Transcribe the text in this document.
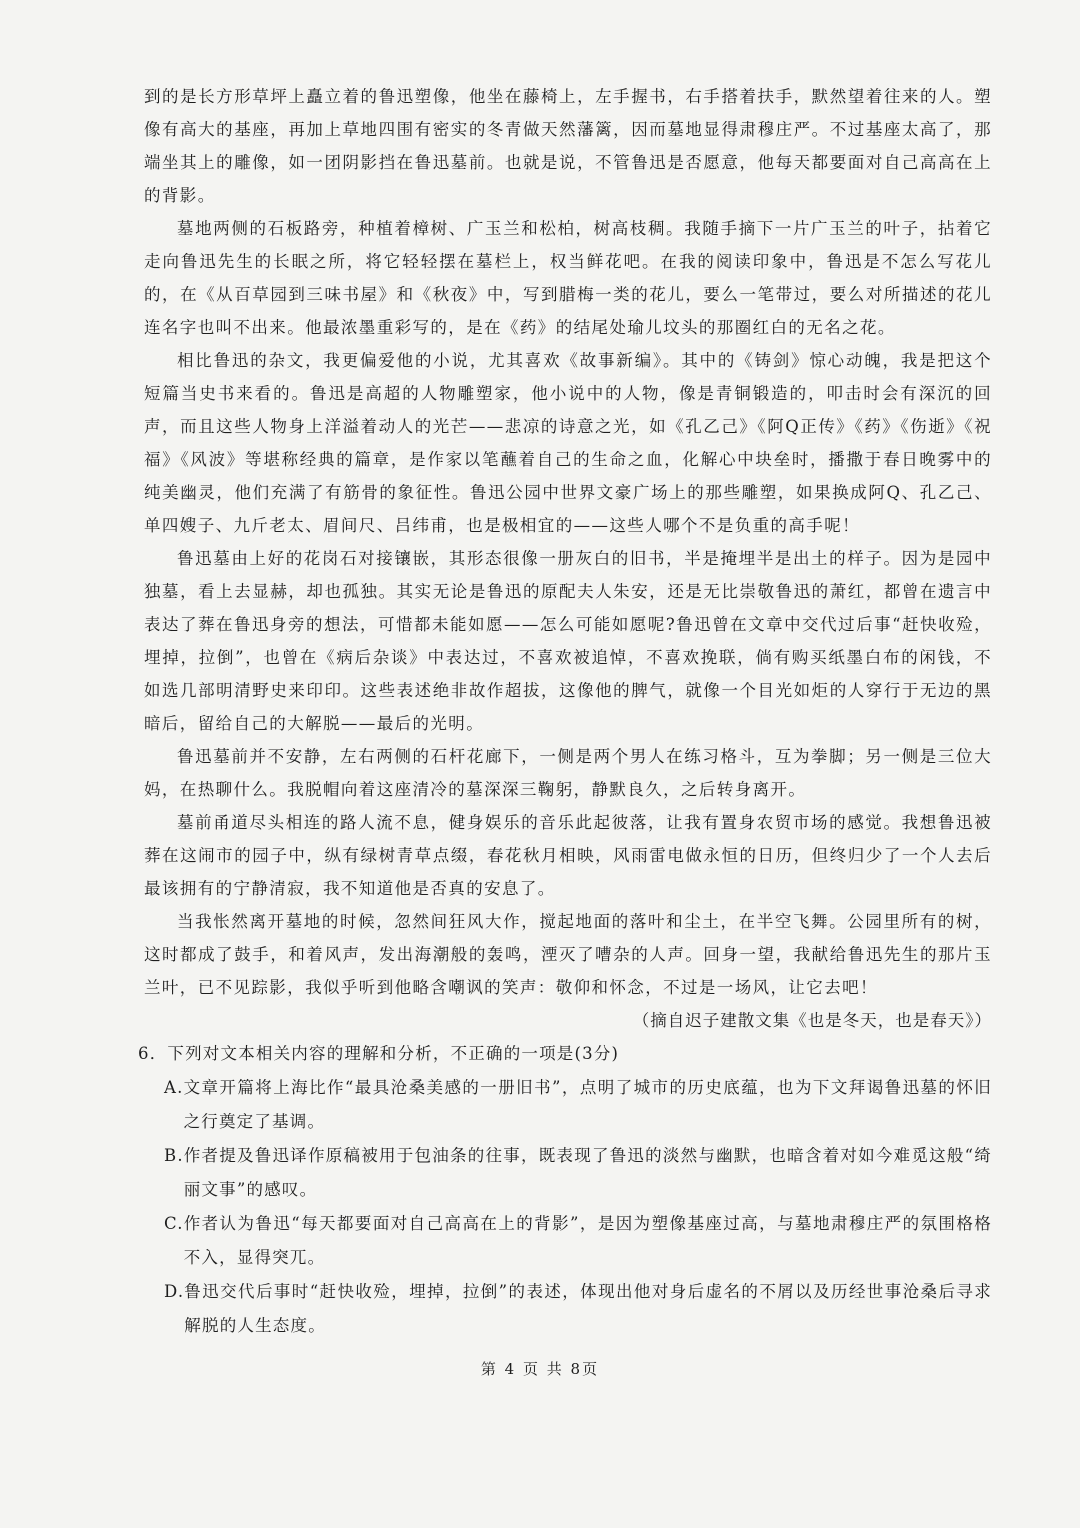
到的是长方形草坪上矗立着的鲁迅塑像，他坐在藤椅上，左手握书，右手搭着扶手，默然望着往来的人。塑像有高大的基座，再加上草地四围有密实的冬青做天然藩篱，因而墓地显得肃穆庄严。不过基座太高了，那端坐其上的雕像，如一团阴影挡在鲁迅墓前。也就是说，不管鲁迅是否愿意，他每天都要面对自己高高在上的背影。

墓地两侧的石板路旁，种植着樟树、广玉兰和松柏，树高枝稠。我随手摘下一片广玉兰的叶子，拈着它走向鲁迅先生的长眠之所，将它轻轻摆在墓栏上，权当鲜花吧。在我的阅读印象中，鲁迅是不怎么写花儿的，在《从百草园到三味书屋》和《秋夜》中，写到腊梅一类的花儿，要么一笔带过，要么对所描述的花儿连名字也叫不出来。他最浓墨重彩写的，是在《药》的结尾处瑜儿坟头的那圈红白的无名之花。

相比鲁迅的杂文，我更偏爱他的小说，尤其喜欢《故事新编》。其中的《铸剑》惊心动魄，我是把这个短篇当史书来看的。鲁迅是高超的人物雕塑家，他小说中的人物，像是青铜锻造的，叩击时会有深沉的回声，而且这些人物身上洋溢着动人的光芒——悲凉的诗意之光，如《孔乙己》《阿Q正传》《药》《伤逝》《祝福》《风波》等堪称经典的篇章，是作家以笔蘸着自己的生命之血，化解心中块垒时，播撒于春日晚雾中的纯美幽灵，他们充满了有筋骨的象征性。鲁迅公园中世界文豪广场上的那些雕塑，如果换成阿Q、孔乙己、单四嫂子、九斤老太、眉间尺、吕纬甫，也是极相宜的——这些人哪个不是负重的高手呢！

鲁迅墓由上好的花岗石对接镶嵌，其形态很像一册灰白的旧书，半是掩埋半是出土的样子。因为是园中独墓，看上去显赫，却也孤独。其实无论是鲁迅的原配夫人朱安，还是无比崇敬鲁迅的萧红，都曾在遗言中表达了葬在鲁迅身旁的想法，可惜都未能如愿——怎么可能如愿呢?鲁迅曾在文章中交代过后事“赶快收殓，埋掉，拉倒”，也曾在《病后杂谈》中表达过，不喜欢被追悼，不喜欢挽联，倘有购买纸墨白布的闲钱，不如选几部明清野史来印印。这些表述绝非故作超拔，这像他的脾气，就像一个目光如炬的人穿行于无边的黑暗后，留给自己的大解脱——最后的光明。

鲁迅墓前并不安静，左右两侧的石杆花廊下，一侧是两个男人在练习格斗，互为拳脚；另一侧是三位大妈，在热聊什么。我脱帽向着这座清冷的墓深深三鞠躬，静默良久，之后转身离开。

墓前甬道尽头相连的路人流不息，健身娱乐的音乐此起彼落，让我有置身农贸市场的感觉。我想鲁迅被葬在这闹市的园子中，纵有绿树青草点缀，春花秋月相映，风雨雷电做永恒的日历，但终归少了一个人去后最该拥有的宁静清寂，我不知道他是否真的安息了。

当我怅然离开墓地的时候，忽然间狂风大作，搅起地面的落叶和尘土，在半空飞舞。公园里所有的树，这时都成了鼓手，和着风声，发出海潮般的轰鸣，湮灭了嘈杂的人声。回身一望，我献给鲁迅先生的那片玉兰叶，已不见踪影，我似乎听到他略含嘲讽的笑声：敬仰和怀念，不过是一场风，让它去吧！

（摘自迟子建散文集《也是冬天，也是春天》）

6．下列对文本相关内容的理解和分析，不正确的一项是(3分)

A. 文章开篇将上海比作“最具沧桑美感的一册旧书”，点明了城市的历史底蕴，也为下文拜谒鲁迅墓的怀旧之行奠定了基调。
B. 作者提及鲁迅译作原稿被用于包油条的往事，既表现了鲁迅的淡然与幽默，也暗含着对如今难觅这般“绮丽文事”的感叹。
C. 作者认为鲁迅“每天都要面对自己高高在上的背影”，是因为塑像基座过高，与墓地肃穆庄严的氛围格格不入，显得突兀。
D. 鲁迅交代后事时“赶快收殓，埋掉，拉倒”的表述，体现出他对身后虚名的不屑以及历经世事沧桑后寻求解脱的人生态度。
第 4 页 共 8页
